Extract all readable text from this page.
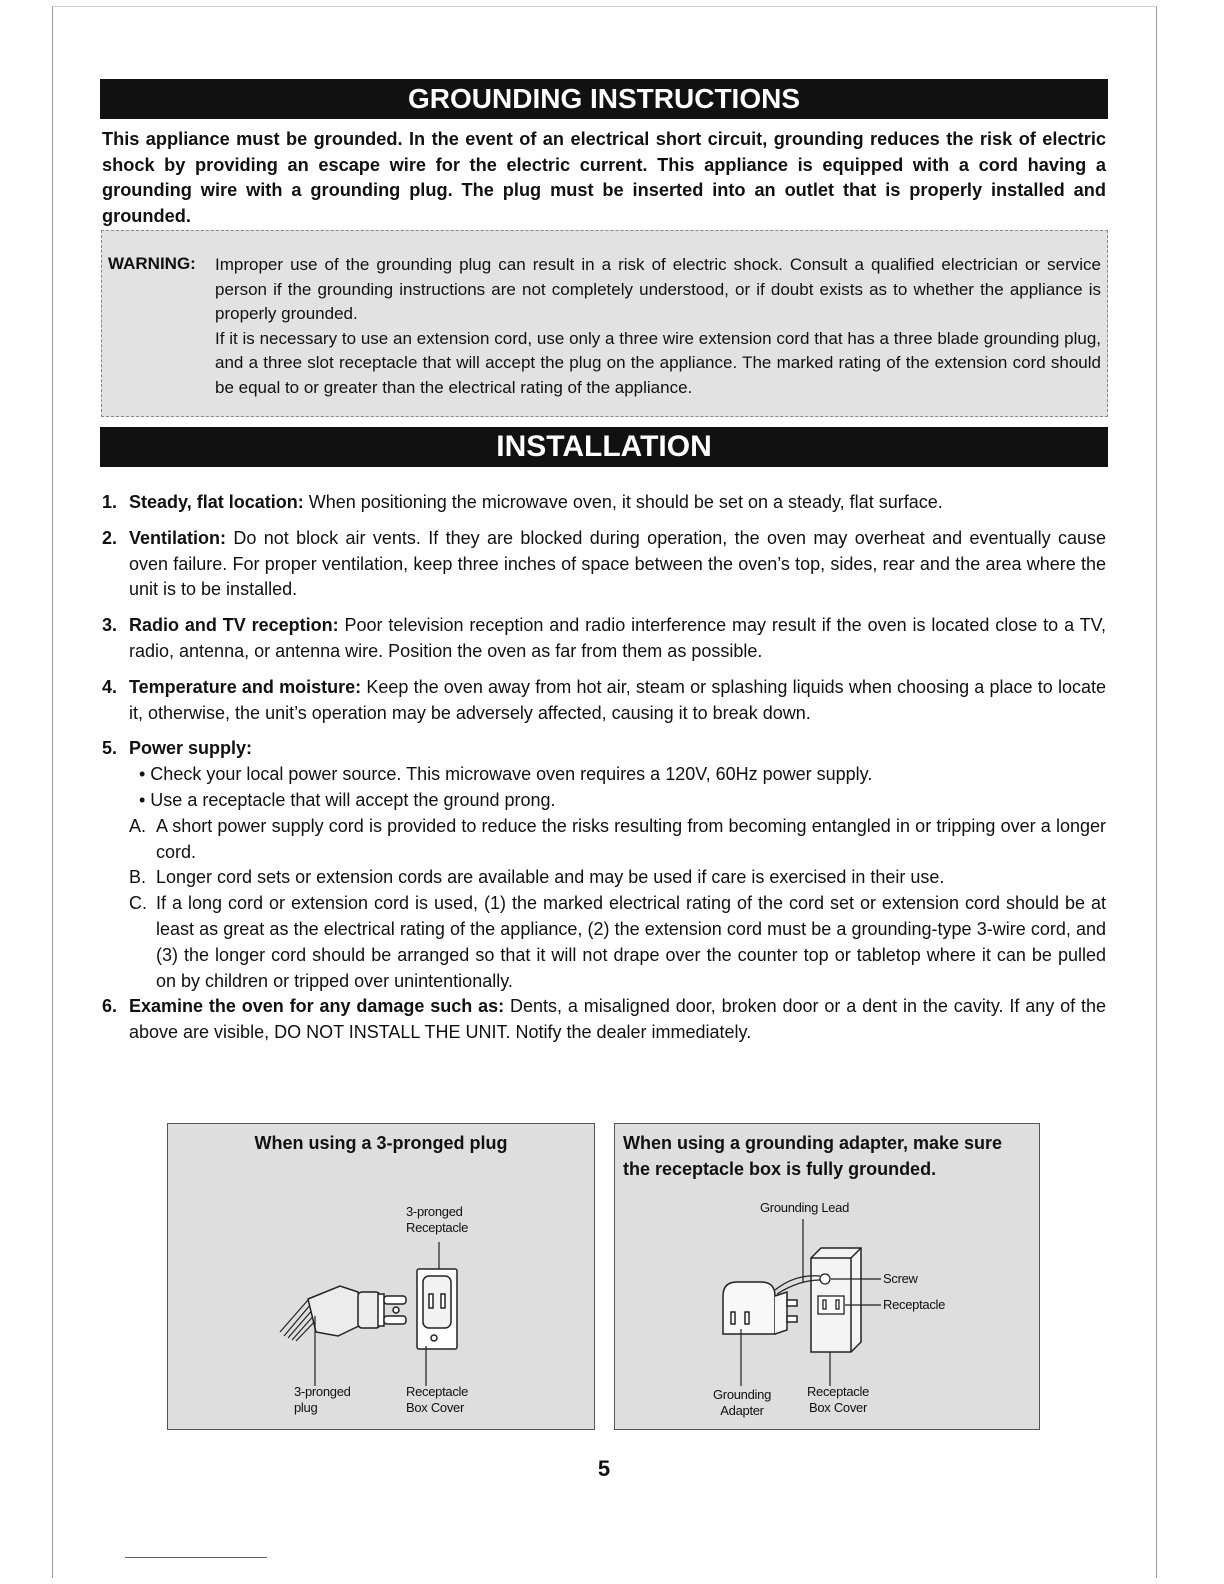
GROUNDING INSTRUCTIONS
This appliance must be grounded. In the event of an electrical short circuit, grounding reduces the risk of electric shock by providing an escape wire for the electric current. This appliance is equipped with a cord having a grounding wire with a grounding plug. The plug must be inserted into an outlet that is properly installed and grounded.
WARNING: Improper use of the grounding plug can result in a risk of electric shock. Consult a qualified electrician or service person if the grounding instructions are not completely understood, or if doubt exists as to whether the appliance is properly grounded.

If it is necessary to use an extension cord, use only a three wire extension cord that has a three blade grounding plug, and a three slot receptacle that will accept the plug on the appliance. The marked rating of the extension cord should be equal to or greater than the electrical rating of the appliance.

INSTALLATION
1. Steady, flat location: When positioning the microwave oven, it should be set on a steady, flat surface.
2. Ventilation: Do not block air vents. If they are blocked during operation, the oven may overheat and eventually cause oven failure. For proper ventilation, keep three inches of space between the oven’s top, sides, rear and the area where the unit is to be installed.
3. Radio and TV reception: Poor television reception and radio interference may result if the oven is located close to a TV, radio, antenna, or antenna wire. Position the oven as far from them as possible.
4. Temperature and moisture: Keep the oven away from hot air, steam or splashing liquids when choosing a place to locate it, otherwise, the unit’s operation may be adversely affected, causing it to break down.
5. Power supply:
• Check your local power source. This microwave oven requires a 120V, 60Hz power supply.
• Use a receptacle that will accept the ground prong.
A. A short power supply cord is provided to reduce the risks resulting from becoming entangled in or tripping over a longer cord.
B. Longer cord sets or extension cords are available and may be used if care is exercised in their use.
C. If a long cord or extension cord is used, (1) the marked electrical rating of the cord set or extension cord should be at least as great as the electrical rating of the appliance, (2) the extension cord must be a grounding-type 3-wire cord, and (3) the longer cord should be arranged so that it will not drape over the counter top or tabletop where it can be pulled on by children or tripped over unintentionally.
6. Examine the oven for any damage such as: Dents, a misaligned door, broken door or a dent in the cavity. If any of the above are visible, DO NOT INSTALL THE UNIT. Notify the dealer immediately.
When using a 3-pronged plug
3-pronged
Receptacle
3-pronged
plug
Receptacle
Box Cover
When using a grounding adapter, make sure the receptacle box is fully grounded.
Grounding Lead
Screw
Receptacle
Grounding
Adapter
Receptacle
Box Cover
5
